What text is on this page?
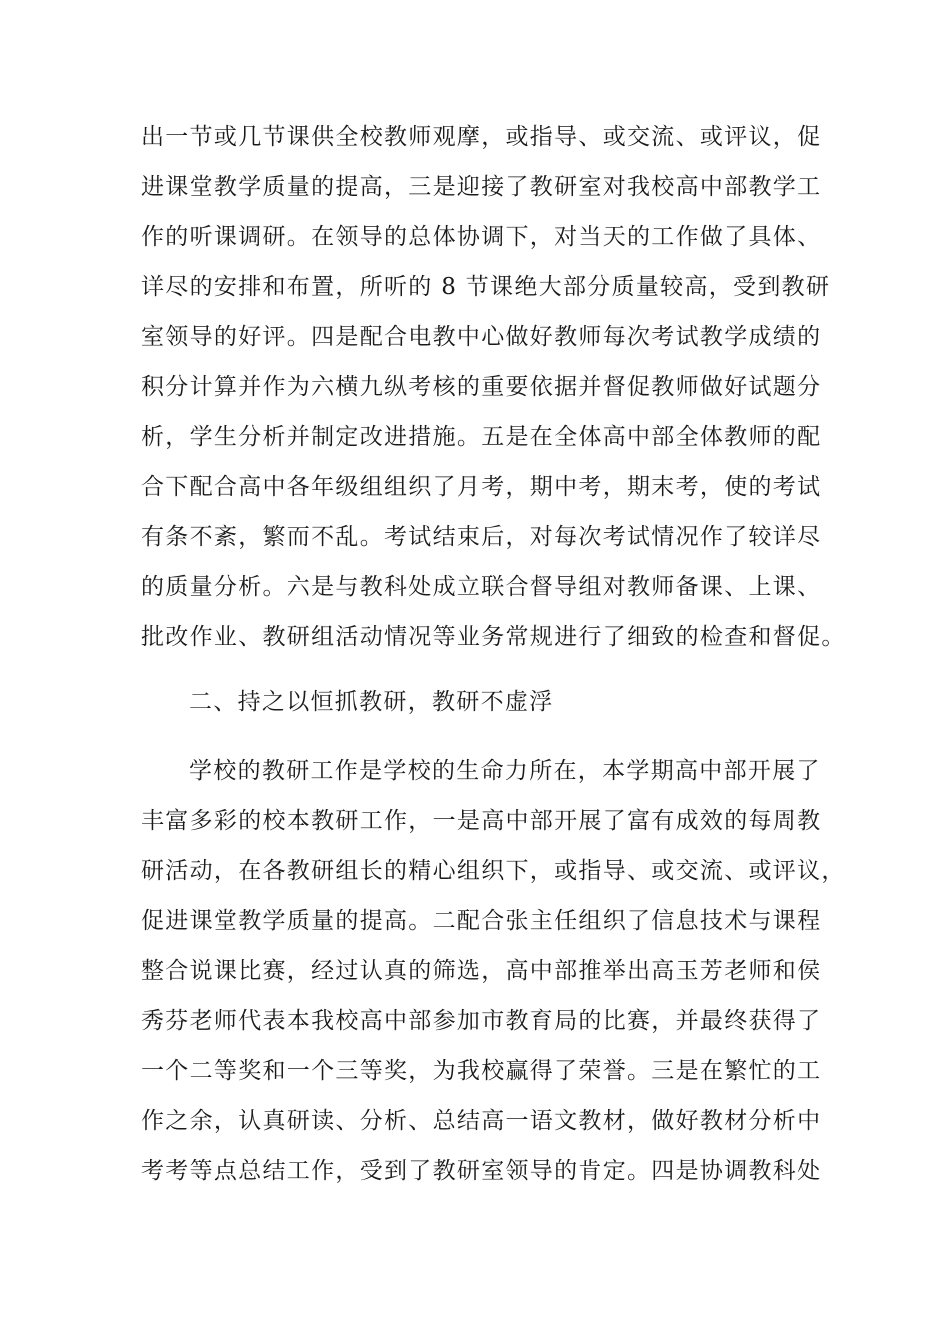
出一节或几节课供全校教师观摩，或指导、或交流、或评议，促
进课堂教学质量的提高，三是迎接了教研室对我校高中部教学工
作的听课调研。在领导的总体协调下，对当天的工作做了具体、
详尽的安排和布置，所听的 8 节课绝大部分质量较高，受到教研
室领导的好评。四是配合电教中心做好教师每次考试教学成绩的
积分计算并作为六横九纵考核的重要依据并督促教师做好试题分
析，学生分析并制定改进措施。五是在全体高中部全体教师的配
合下配合高中各年级组组织了月考，期中考，期末考，使的考试
有条不紊，繁而不乱。考试结束后，对每次考试情况作了较详尽
的质量分析。六是与教科处成立联合督导组对教师备课、上课、
批改作业、教研组活动情况等业务常规进行了细致的检查和督促。
二、持之以恒抓教研，教研不虚浮
学校的教研工作是学校的生命力所在，本学期高中部开展了
丰富多彩的校本教研工作，一是高中部开展了富有成效的每周教
研活动，在各教研组长的精心组织下，或指导、或交流、或评议，
促进课堂教学质量的提高。二配合张主任组织了信息技术与课程
整合说课比赛，经过认真的筛选，高中部推举出高玉芳老师和侯
秀芬老师代表本我校高中部参加市教育局的比赛，并最终获得了
一个二等奖和一个三等奖，为我校赢得了荣誉。三是在繁忙的工
作之余，认真研读、分析、总结高一语文教材，做好教材分析中
考考等点总结工作，受到了教研室领导的肯定。四是协调教科处
